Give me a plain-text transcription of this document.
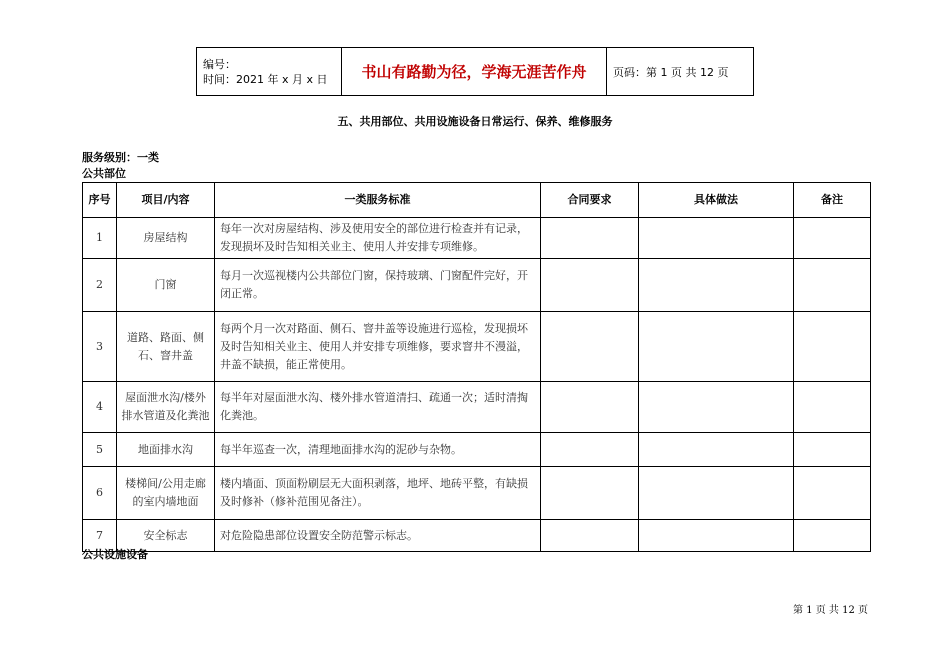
编号：
时间：2021 年 x 月 x 日	书山有路勤为径，学海无涯苦作舟	页码：第 1 页 共 12 页
五、共用部位、共用设施设备日常运行、保养、维修服务
服务级别：一类
公共部位
序号	项目/内容	一类服务标准	合同要求	具体做法	备注
1	房屋结构	每年一次对房屋结构、涉及使用安全的部位进行检查并有记录，发现损坏及时告知相关业主、使用人并安排专项维修。			
2	门窗	每月一次巡视楼内公共部位门窗，保持玻璃、门窗配件完好，开闭正常。			
3	道路、路面、侧石、窨井盖	每两个月一次对路面、侧石、窨井盖等设施进行巡检，发现损坏及时告知相关业主、使用人并安排专项维修，要求窨井不漫溢，井盖不缺损，能正常使用。			
4	屋面泄水沟/楼外排水管道及化粪池	每半年对屋面泄水沟、楼外排水管道清扫、疏通一次；适时清掏化粪池。			
5	地面排水沟	每半年巡查一次，清理地面排水沟的泥砂与杂物。			
6	楼梯间/公用走廊的室内墙地面	楼内墙面、顶面粉刷层无大面积剥落，地坪、地砖平整，有缺损及时修补（修补范围见备注）。			
7	安全标志	对危险隐患部位设置安全防范警示标志。			
公共设施设备
第 1 页 共 12 页
